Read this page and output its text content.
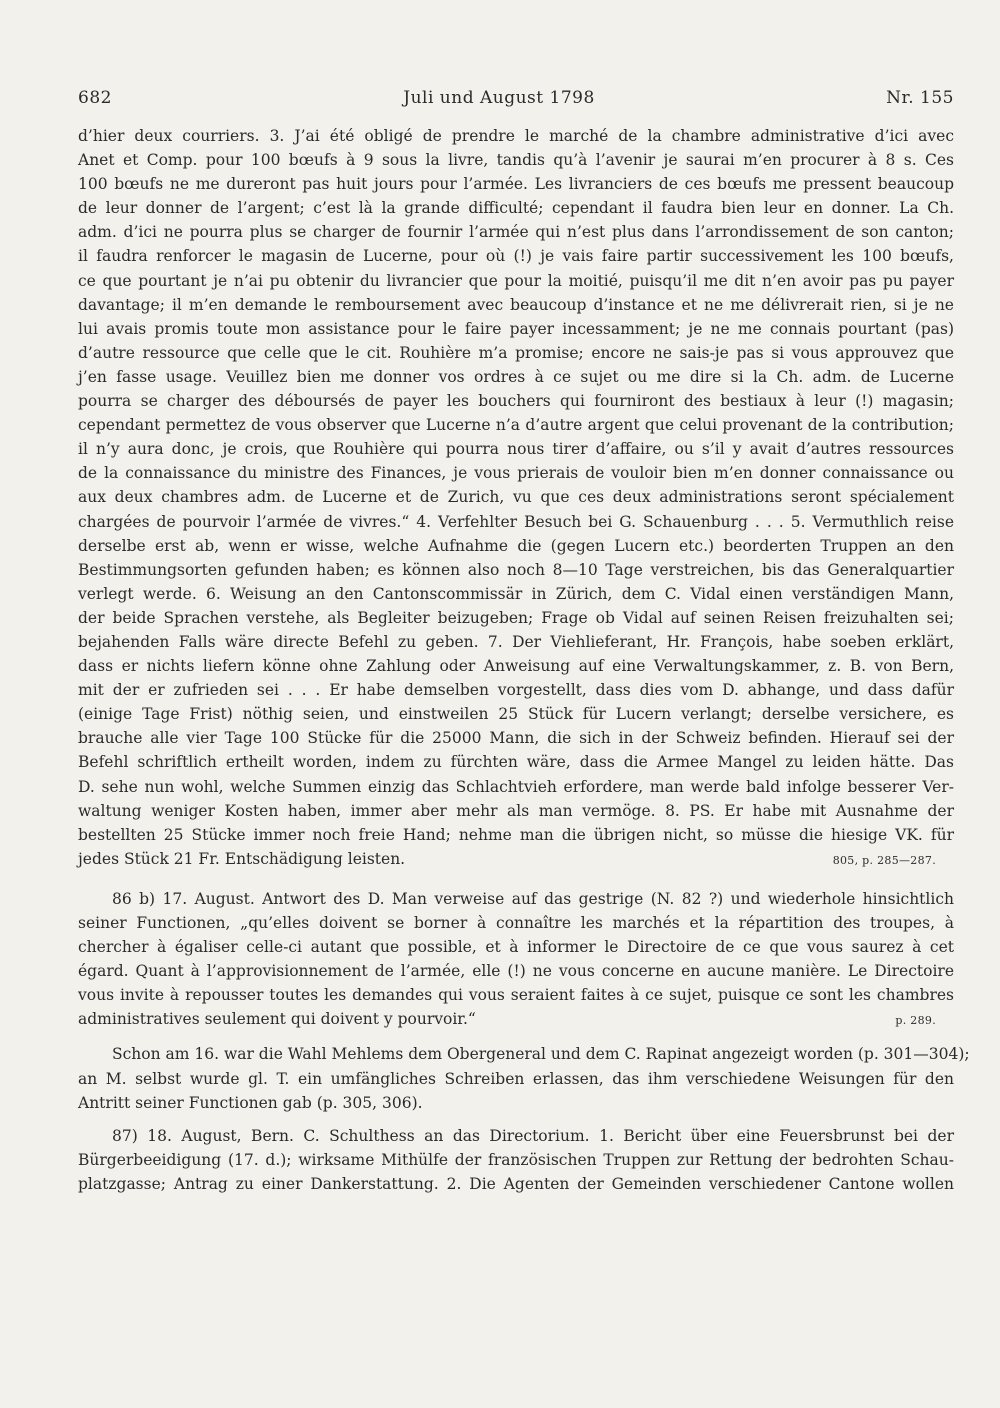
682	Juli und August 1798	Nr. 155
d’hier deux courriers. 3. J’ai été obligé de prendre le marché de la chambre administrative d’ici avec
Anet et Comp. pour 100 bœufs à 9 sous la livre, tandis qu’à l’avenir je saurai m’en procurer à 8 s. Ces
100 bœufs ne me dureront pas huit jours pour l’armée. Les livranciers de ces bœufs me pressent beaucoup
de leur donner de l’argent; c’est là la grande difficulté; cependant il faudra bien leur en donner. La Ch.
adm. d’ici ne pourra plus se charger de fournir l’armée qui n’est plus dans l’arrondissement de son canton;
il faudra renforcer le magasin de Lucerne, pour où (!) je vais faire partir successivement les 100 bœufs,
ce que pourtant je n’ai pu obtenir du livrancier que pour la moitié, puisqu’il me dit n’en avoir pas pu payer
davantage; il m’en demande le remboursement avec beaucoup d’instance et ne me délivrerait rien, si je ne
lui avais promis toute mon assistance pour le faire payer incessamment; je ne me connais pourtant (pas)
d’autre ressource que celle que le cit. Rouhière m’a promise; encore ne sais-je pas si vous approuvez que
j’en fasse usage. Veuillez bien me donner vos ordres à ce sujet ou me dire si la Ch. adm. de Lucerne
pourra se charger des déboursés de payer les bouchers qui fourniront des bestiaux à leur (!) magasin;
cependant permettez de vous observer que Lucerne n’a d’autre argent que celui provenant de la contribution;
il n’y aura donc, je crois, que Rouhière qui pourra nous tirer d’affaire, ou s’il y avait d’autres ressources
de la connaissance du ministre des Finances, je vous prierais de vouloir bien m’en donner connaissance ou
aux deux chambres adm. de Lucerne et de Zurich, vu que ces deux administrations seront spécialement
chargées de pourvoir l’armée de vivres.“ 4. Verfehlter Besuch bei G. Schauenburg . . . 5. Vermuthlich reise
derselbe erst ab, wenn er wisse, welche Aufnahme die (gegen Lucern etc.) beorderten Truppen an den
Bestimmungsorten gefunden haben; es können also noch 8—10 Tage verstreichen, bis das Generalquartier
verlegt werde. 6. Weisung an den Cantonscommissär in Zürich, dem C. Vidal einen verständigen Mann,
der beide Sprachen verstehe, als Begleiter beizugeben; Frage ob Vidal auf seinen Reisen freizuhalten sei;
bejahenden Falls wäre directe Befehl zu geben. 7. Der Viehlieferant, Hr. François, habe soeben erklärt,
dass er nichts liefern könne ohne Zahlung oder Anweisung auf eine Verwaltungskammer, z. B. von Bern,
mit der er zufrieden sei . . . Er habe demselben vorgestellt, dass dies vom D. abhange, und dass dafür
(einige Tage Frist) nöthig seien, und einstweilen 25 Stück für Lucern verlangt; derselbe versichere, es
brauche alle vier Tage 100 Stücke für die 25000 Mann, die sich in der Schweiz befinden. Hierauf sei der
Befehl schriftlich ertheilt worden, indem zu fürchten wäre, dass die Armee Mangel zu leiden hätte. Das
D. sehe nun wohl, welche Summen einzig das Schlachtvieh erfordere, man werde bald infolge besserer Ver-
waltung weniger Kosten haben, immer aber mehr als man vermöge. 8. PS. Er habe mit Ausnahme der
bestellten 25 Stücke immer noch freie Hand; nehme man die übrigen nicht, so müsse die hiesige VK. für
jedes Stück 21 Fr. Entschädigung leisten.	805, p. 285—287.
86 b) 17. August. Antwort des D. Man verweise auf das gestrige (N. 82 ?) und wiederhole hinsichtlich
seiner Functionen, „qu’elles doivent se borner à connaître les marchés et la répartition des troupes, à
chercher à égaliser celle-ci autant que possible, et à informer le Directoire de ce que vous saurez à cet
égard. Quant à l’approvisionnement de l’armée, elle (!) ne vous concerne en aucune manière. Le Directoire
vous invite à repousser toutes les demandes qui vous seraient faites à ce sujet, puisque ce sont les chambres
administratives seulement qui doivent y pourvoir.“	p. 289.
Schon am 16. war die Wahl Mehlems dem Obergeneral und dem C. Rapinat angezeigt worden (p. 301—304);
an M. selbst wurde gl. T. ein umfängliches Schreiben erlassen, das ihm verschiedene Weisungen für den
Antritt seiner Functionen gab (p. 305, 306).
87) 18. August, Bern. C. Schulthess an das Directorium. 1. Bericht über eine Feuersbrunst bei der
Bürgerbeeidigung (17. d.); wirksame Mithülfe der französischen Truppen zur Rettung der bedrohten Schau-
platzgasse; Antrag zu einer Dankerstattung. 2. Die Agenten der Gemeinden verschiedener Cantone wollen
